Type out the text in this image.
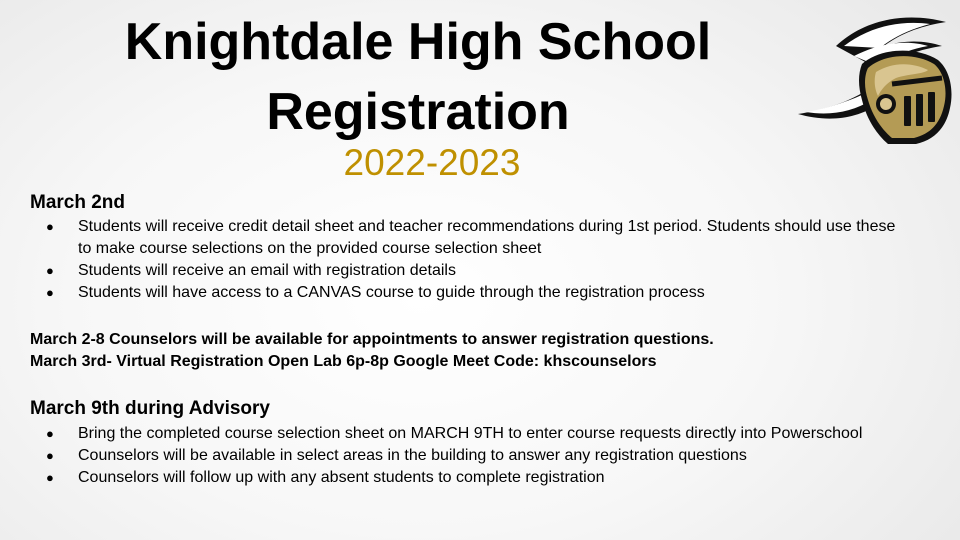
Knightdale High School
Registration
2022-2023
March 2nd
● Students will receive credit detail sheet and teacher recommendations during 1st period. Students should use these to make course selections on the provided course selection sheet
● Students will receive an email with registration details
● Students will have access to a CANVAS course to guide through the registration process
March 2-8 Counselors will be available for appointments to answer registration questions.
March 3rd- Virtual Registration Open Lab 6p-8p Google Meet Code: khscounselors
March 9th during Advisory
● Bring the completed course selection sheet on MARCH 9TH to enter course requests directly into Powerschool
● Counselors will be available in select areas in the building to answer any registration questions
● Counselors will follow up with any absent students to complete registration
